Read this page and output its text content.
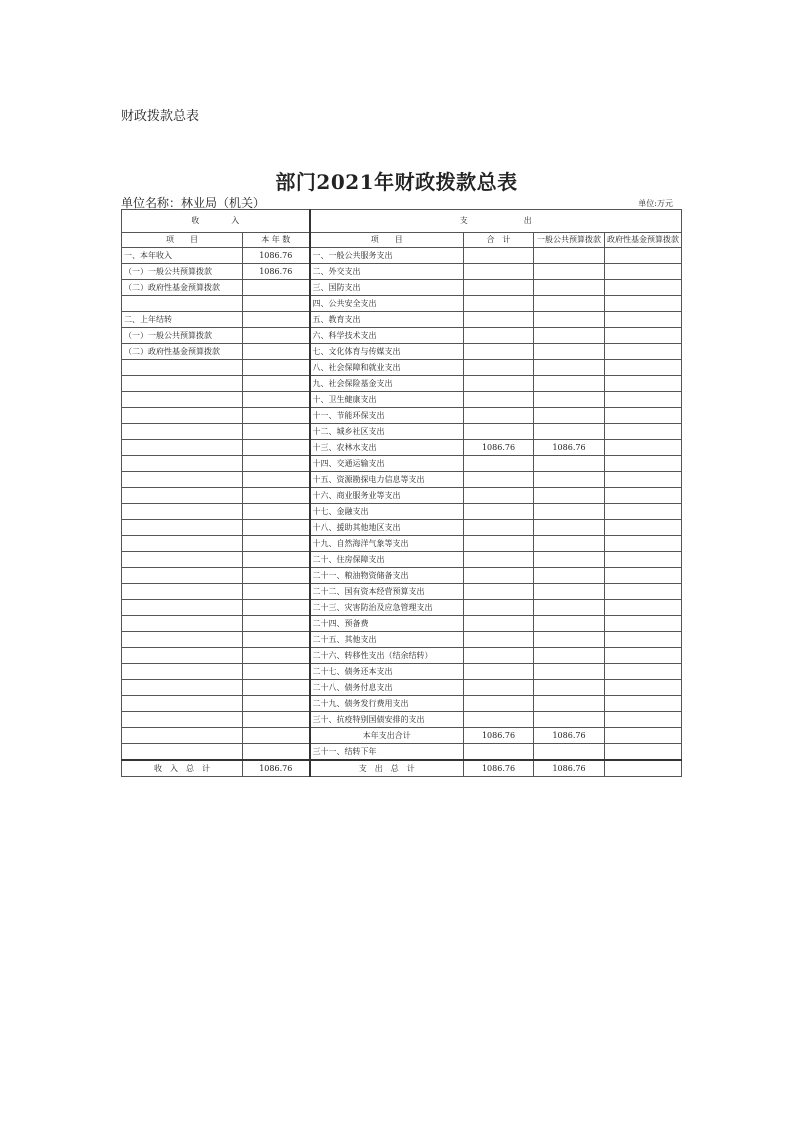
财政拨款总表
部门2021年财政拨款总表
单位名称：林业局（机关）	单位:万元
收　　　　入		支　　　　　　　出			
项　　目	本 年 数	项　　目	合　计	一般公共预算拨款	政府性基金预算拨款
一、本年收入	1086.76	一、一般公共服务支出			
（一）一般公共预算拨款	1086.76	二、外交支出			
（二）政府性基金预算拨款		三、国防支出			
		四、公共安全支出			
二、上年结转		五、教育支出			
（一）一般公共预算拨款		六、科学技术支出			
（二）政府性基金预算拨款		七、文化体育与传媒支出			
		八、社会保障和就业支出			
		九、社会保险基金支出			
		十、卫生健康支出			
		十一、节能环保支出			
		十二、城乡社区支出			
		十三、农林水支出	1086.76	1086.76	
		十四、交通运输支出			
		十五、资源勘探电力信息等支出			
		十六、商业服务业等支出			
		十七、金融支出			
		十八、援助其他地区支出			
		十九、自然海洋气象等支出			
		二十、住房保障支出			
		二十一、粮油物资储备支出			
		二十二、国有资本经营预算支出			
		二十三、灾害防治及应急管理支出			
		二十四、预备费			
		二十五、其他支出			
		二十六、转移性支出（结余结转）			
		二十七、债务还本支出			
		二十八、债务付息支出			
		二十九、债务发行费用支出			
		三十、抗疫特别国债安排的支出			
		本年支出合计	1086.76	1086.76	
		三十一、结转下年			
收　入　总　计	1086.76	支　出　总　计	1086.76	1086.76	
